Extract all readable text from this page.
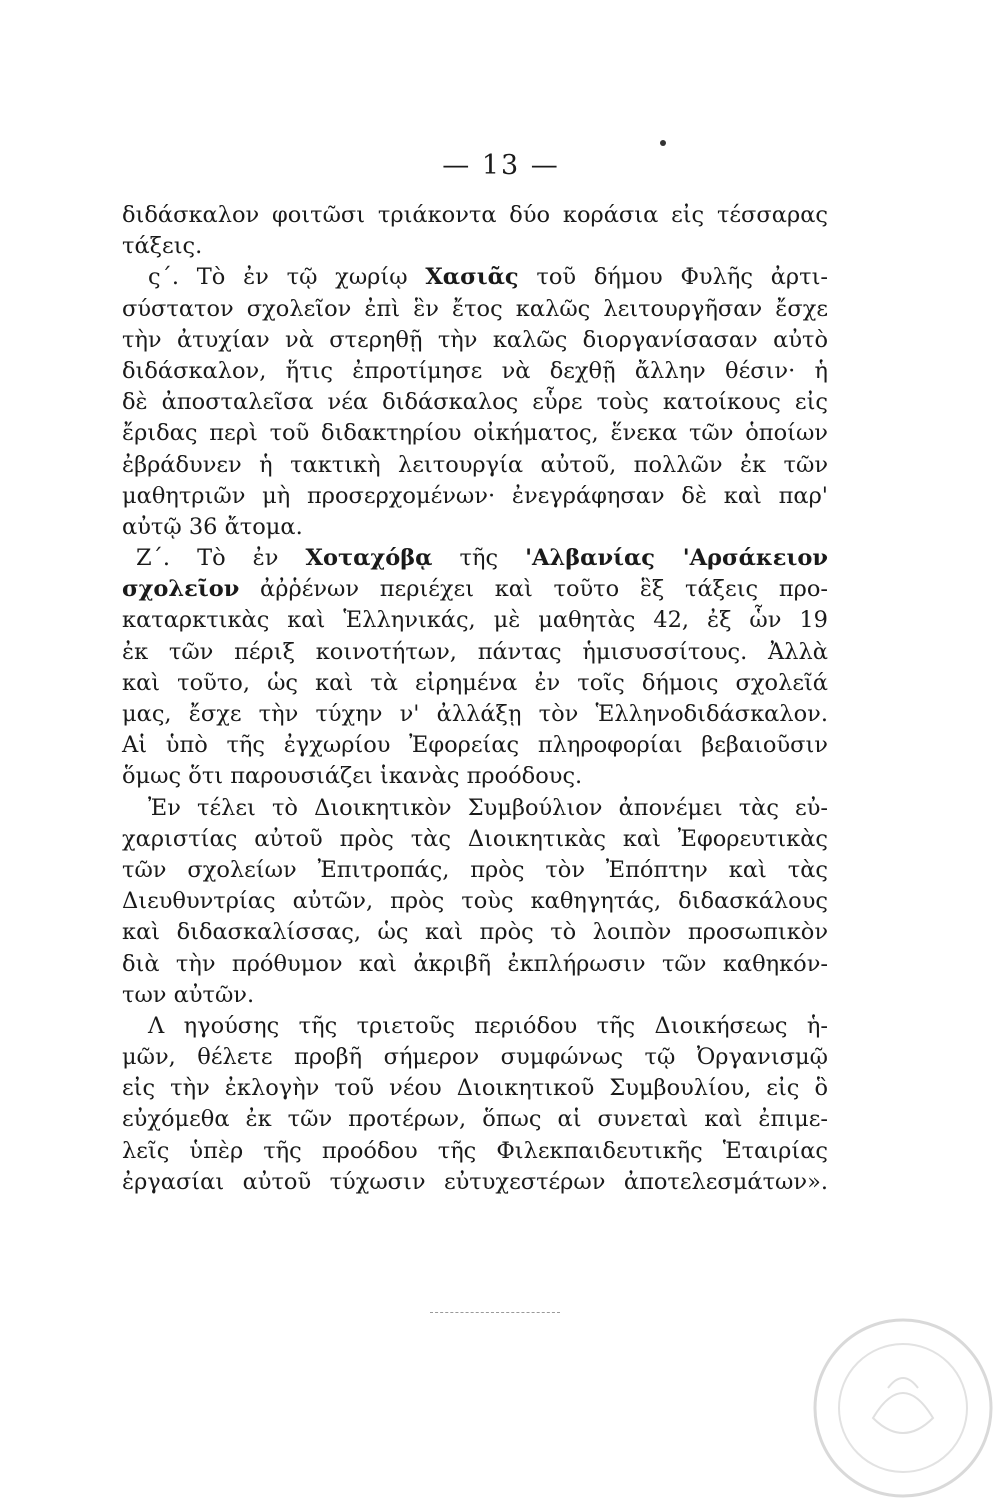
— 13 —
διδάσκαλον φοιτῶσι τριάκοντα δύο κοράσια εἰς τέσσαρας
τάξεις.
ς΄. Τὸ ἐν τῷ χωρίῳ Χασιᾶς τοῦ δήμου Φυλῆς ἀρτι-
σύστατον σχολεῖον ἐπὶ ἓν ἔτος καλῶς λειτουργῆσαν ἔσχε
τὴν ἀτυχίαν νὰ στερηθῇ τὴν καλῶς διοργανίσασαν αὐτὸ
διδάσκαλον, ἥτις ἐπροτίμησε νὰ δεχθῇ ἄλλην θέσιν· ἡ
δὲ ἀποσταλεῖσα νέα διδάσκαλος εὗρε τοὺς κατοίκους εἰς
ἔριδας περὶ τοῦ διδακτηρίου οἰκήματος, ἕνεκα τῶν ὁποίων
ἐβράδυνεν ἡ τακτικὴ λειτουργία αὐτοῦ, πολλῶν ἐκ τῶν
μαθητριῶν μὴ προσερχομένων· ἐνεγράφησαν δὲ καὶ παρ'
αὐτῷ 36 ἄτομα.
Ζ΄. Τὸ ἐν Χοταχόβᾳ τῆς 'Αλβανίας 'Αρσάκειον
σχολεῖον ἀῤῥένων περιέχει καὶ τοῦτο ἓξ τάξεις προ-
καταρκτικὰς καὶ Ἑλληνικάς, μὲ μαθητὰς 42, ἐξ ὧν 19
ἐκ τῶν πέριξ κοινοτήτων, πάντας ἡμισυσσίτους. Ἀλλὰ
καὶ τοῦτο, ὡς καὶ τὰ εἰρημένα ἐν τοῖς δήμοις σχολεῖά
μας, ἔσχε τὴν τύχην ν' ἀλλάξῃ τὸν Ἑλληνοδιδάσκαλον.
Αἱ ὑπὸ τῆς ἐγχωρίου Ἐφορείας πληροφορίαι βεβαιοῦσιν
ὅμως ὅτι παρουσιάζει ἱκανὰς προόδους.
Ἐν τέλει τὸ Διοικητικὸν Συμβούλιον ἀπονέμει τὰς εὐ-
χαριστίας αὐτοῦ πρὸς τὰς Διοικητικὰς καὶ Ἐφορευτικὰς
τῶν σχολείων Ἐπιτροπάς, πρὸς τὸν Ἐπόπτην καὶ τὰς
Διευθυντρίας αὐτῶν, πρὸς τοὺς καθηγητάς, διδασκάλους
καὶ διδασκαλίσσας, ὡς καὶ πρὸς τὸ λοιπὸν προσωπικὸν
διὰ τὴν πρόθυμον καὶ ἀκριβῆ ἐκπλήρωσιν τῶν καθηκόν-
των αὐτῶν.
Λ ηγούσης τῆς τριετοῦς περιόδου τῆς Διοικήσεως ἡ-
μῶν, θέλετε προβῆ σήμερον συμφώνως τῷ Ὀργανισμῷ
εἰς τὴν ἐκλογὴν τοῦ νέου Διοικητικοῦ Συμβουλίου, εἰς ὃ
εὐχόμεθα ἐκ τῶν προτέρων, ὅπως αἱ συνεταὶ καὶ ἐπιμε-
λεῖς ὑπὲρ τῆς προόδου τῆς Φιλεκπαιδευτικῆς Ἑταιρίας
ἐργασίαι αὐτοῦ τύχωσιν εὐτυχεστέρων ἀποτελεσμάτων».
